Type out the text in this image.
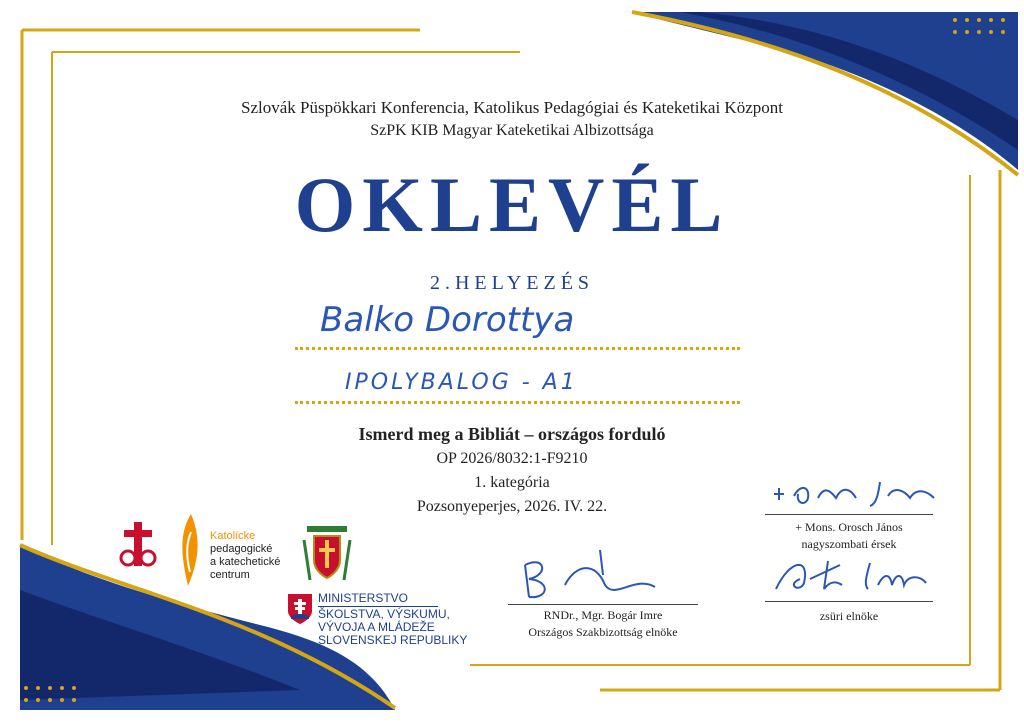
Szlovák Püspökkari Konferencia, Katolikus Pedagógiai és Kateketikai Központ
SzPK KIB Magyar Kateketikai Albizottsága
OKLEVÉL
2.HELYEZÉS
Balko Dorottya
IPOLYBALOG - A1
Ismerd meg a Bibliát – országos forduló
OP 2026/8032:1-F9210
1. kategória
Pozsonyeperjes, 2026. IV. 22.
Katolícke
pedagogické
a katechetické
centrum
MINISTERSTVO
ŠKOLSTVA, VÝSKUMU,
VÝVOJA A MLÁDEŽE
SLOVENSKEJ REPUBLIKY
RNDr., Mgr. Bogár Imre
Országos Szakbizottság elnöke
+ Mons. Orosch János
nagyszombati érsek
zsüri elnöke
